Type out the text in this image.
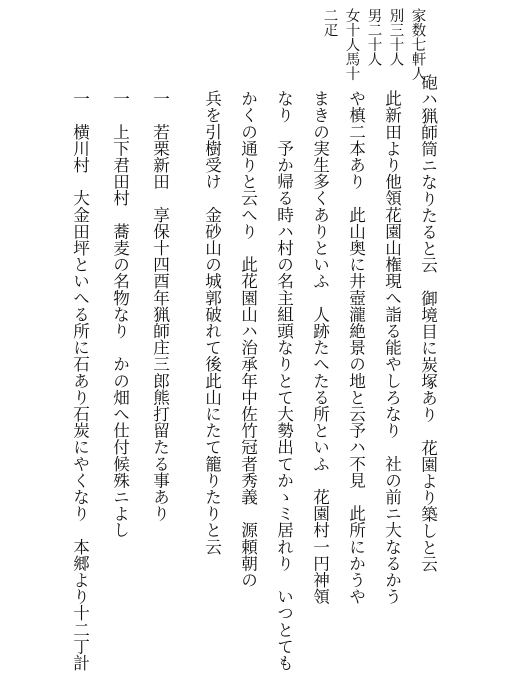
家数七軒人
別三十人
男二十人
女十人馬十
二疋
砲ハ猟師筒ニなりたると云　御境目に炭塚あり　花園より築しと云
此新田より他領花園山権現へ詣る能やしろなり　社の前ニ大なるかう
や槙二本あり　此山奥に井壺瀧絶景の地と云予ハ不見　此所にかうや
まきの実生多くありといふ　人跡たへたる所といふ　花園村一円神領
なり　予か帰る時ハ村の名主組頭なりとて大勢出てかゝミ居れり　いつとても
かくの通りと云へり　此花園山ハ治承年中佐竹冠者秀義　源頼朝の
兵を引樹受け　金砂山の城郭破れて後此山にたて籠りたりと云
一　若栗新田　享保十四酉年猟師庄三郎熊打留たる事あり
一　上下君田村　蕎麦の名物なり　かの畑へ仕付候殊ニよし
一　横川村　大金田坪といへる所に石あり石炭にやくなり　本郷より十二丁計
